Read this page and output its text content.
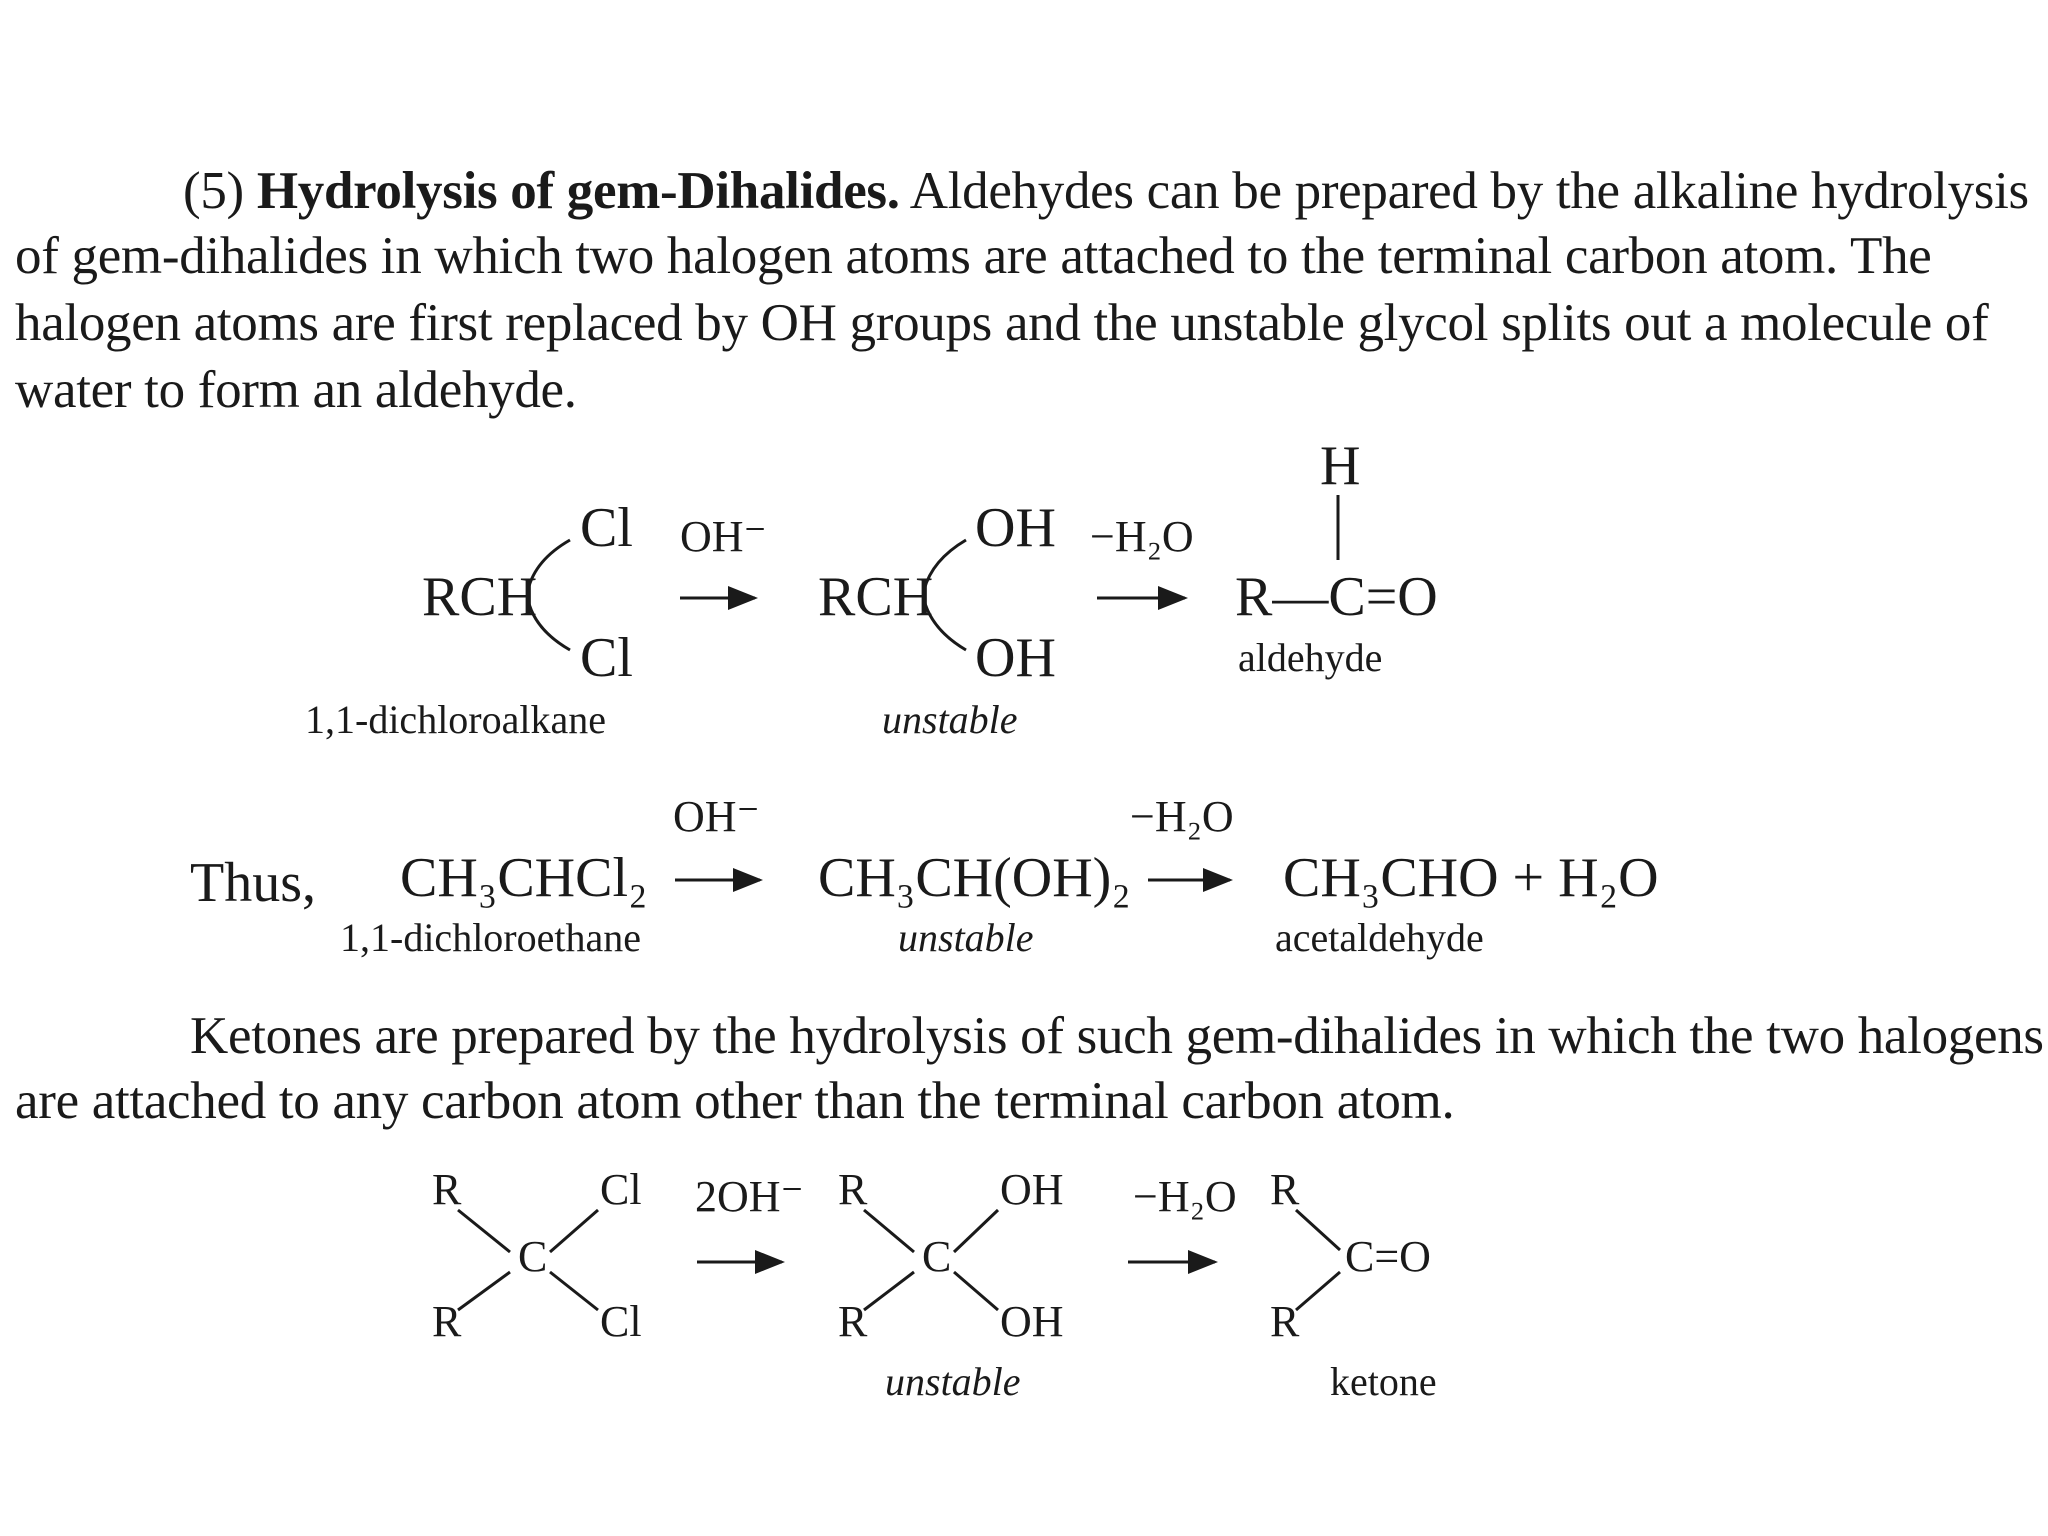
(5) Hydrolysis of gem-Dihalides. Aldehydes can be prepared by the alkaline hydrolysis
of gem-dihalides in which two halogen atoms are attached to the terminal carbon atom. The
halogen atoms are first replaced by OH groups and the unstable glycol splits out a molecule of
water to form an aldehyde.
RCH
Cl
Cl
1,1-dichloroalkane
OH⁻
RCH
OH
OH
unstable
−H₂O
H
R—C=O
aldehyde
Thus, CH₃CHCl₂
1,1-dichloroethane
OH⁻
CH₃CH(OH)₂
unstable
−H₂O
CH₃CHO + H₂O
acetaldehyde
Ketones are prepared by the hydrolysis of such gem-dihalides in which the two halogens
are attached to any carbon atom other than the terminal carbon atom.
R
R
C
Cl
Cl
2OH⁻ R
R
C
OH
OH
unstable
−H₂O R
R
C=O
ketone
